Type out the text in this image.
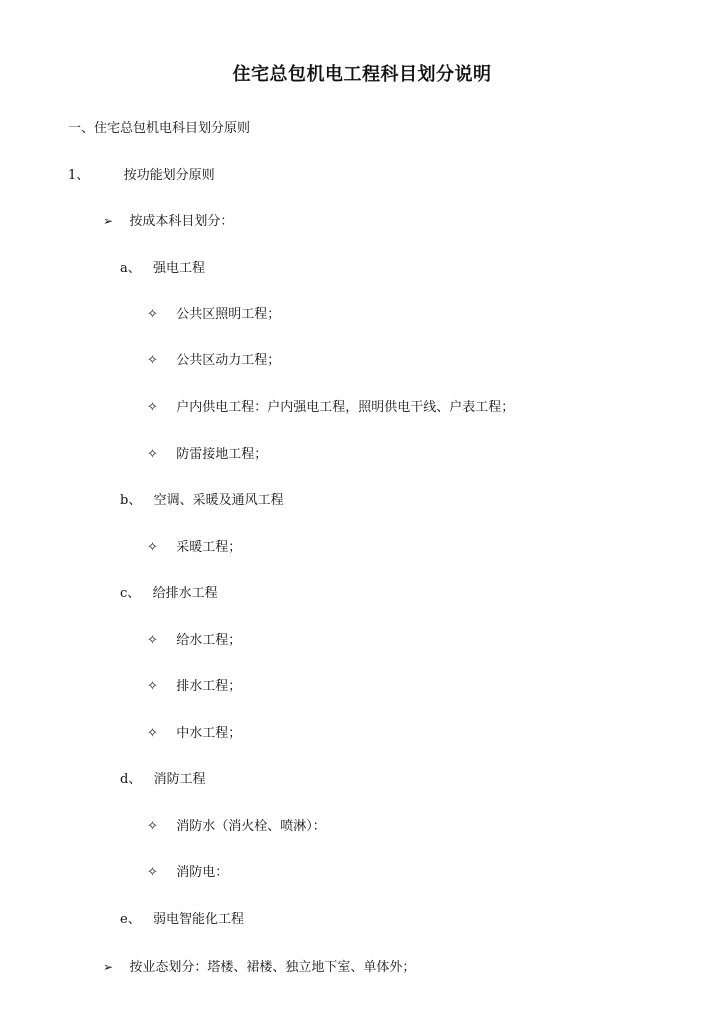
住宅总包机电工程科目划分说明
一、住宅总包机电科目划分原则
1、	按功能划分原则
➢ 按成本科目划分：
a、 强电工程
✧ 公共区照明工程；
✧ 公共区动力工程；
✧ 户内供电工程：户内强电工程，照明供电干线、户表工程；
✧ 防雷接地工程；
b、 空调、采暖及通风工程
✧ 采暖工程；
c、 给排水工程
✧ 给水工程；
✧ 排水工程；
✧ 中水工程；
d、 消防工程
✧ 消防水（消火栓、喷淋）：
✧ 消防电：
e、 弱电智能化工程
➢ 按业态划分：塔楼、裙楼、独立地下室、单体外；
